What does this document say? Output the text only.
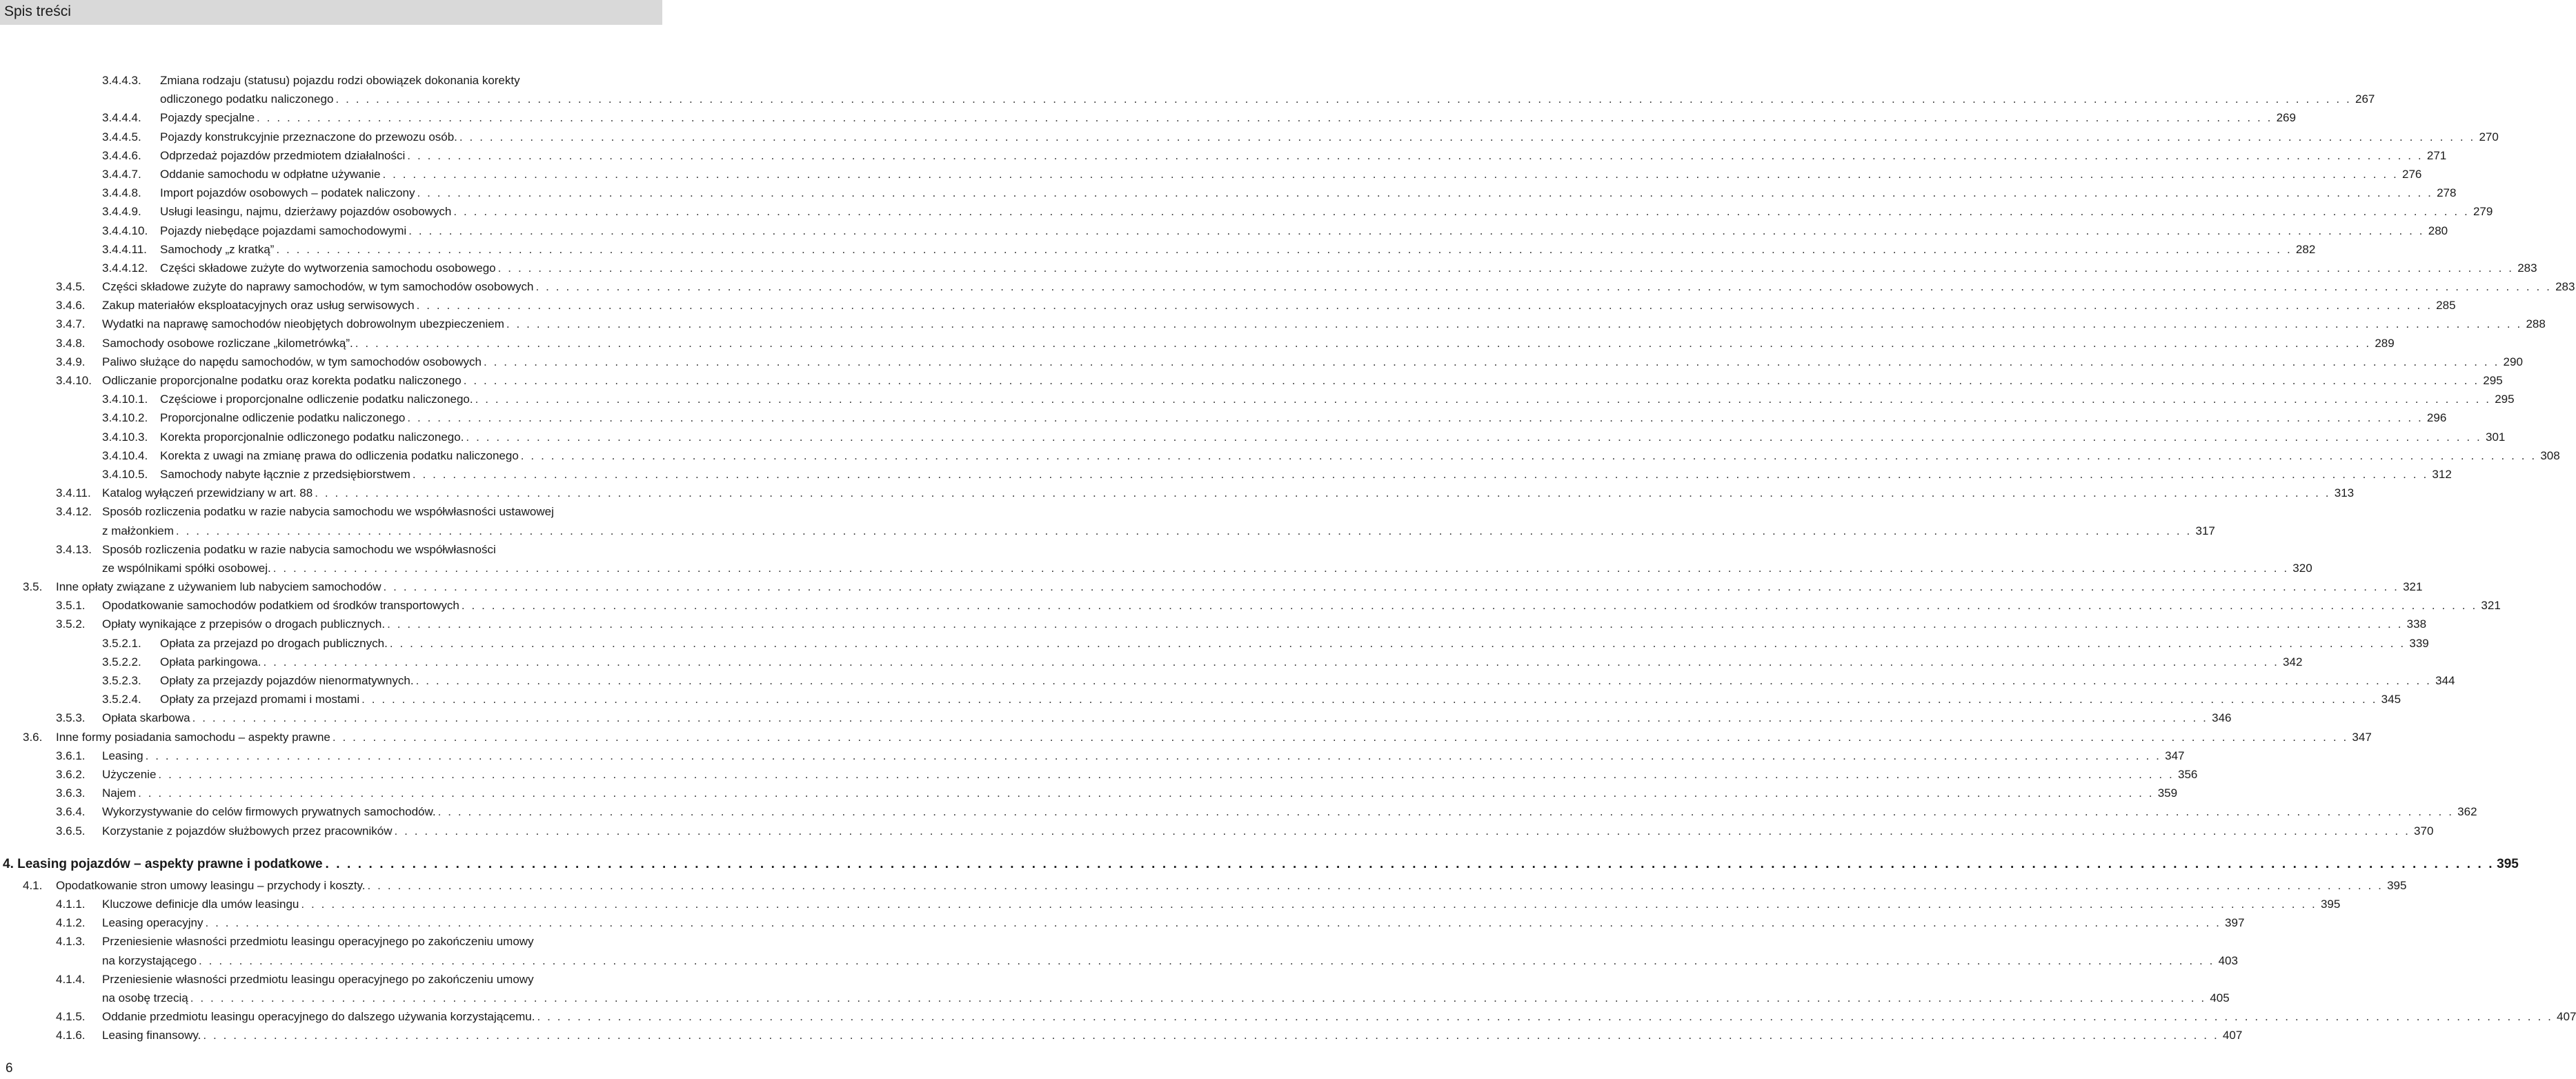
Spis treści
3.4.4.3. Zmiana rodzaju (statusu) pojazdu rodzi obowiązek dokonania korekty
odliczonego podatku naliczonego . . . . . . . . . . . . . . . . . . . . . . . . . . . . . . . . . . . . . . . . . . . . . . . . . . . . . . . . . . . . . . . . . . . . . . . . . . . . . . . . . . . . . . . . . . . . . . . . . . . . . . . . . . . . . . . . . . . . . . . . . . . . . . . . . . . . . . . . . . . . . . . . . . . . . . . . . . . . . . . . . . . . . . . . . . . . . . . . . . . . . . . . . . . . . . . . . . . . . . . . 267
3.4.4.4. Pojazdy specjalne . . . . . . . . . . . . . . . . . . . . . . . . . . . . . . . . . . . . . . . . . . . . . . . . . . . . . . . . . . . . . . . . . . . . . . . . . . . . . . . . . . . . . . . . . . . . . . . . . . . . . . . . . . . . . . . . . . . . . . . . . . . . . . . . . . . . . . . . . . . . . . . . . . . . . . . . . . . . . . . . . . . . . . . . . . . . . . . . . . . . . . . . . . . . . . . . . . . . . . . . 269
3.4.4.5. Pojazdy konstrukcyjnie przeznaczone do przewozu osób. . . . . . . . . . . . . . . . . . . . . . . . . . . . . . . . . . . . . . . . . . . . . . . . . . . . . . . . . . . . . . . . . . . . . . . . . . . . . . . . . . . . . . . . . . . . . . . . . . . . . . . . . . . . . . . . . . . . . . . . . . . . . . . . . . . . . . . . . . . . . . . . . . . . . . . . . . . . . . . . . . . . . . . . . . . . . . . . . . . . . . . . . . . . . . . . . . . . . . . . . 270
3.4.4.6. Odprzedaż pojazdów przedmiotem działalności . . . . . . . . . . . . . . . . . . . . . . . . . . . . . . . . . . . . . . . . . . . . . . . . . . . . . . . . . . . . . . . . . . . . . . . . . . . . . . . . . . . . . . . . . . . . . . . . . . . . . . . . . . . . . . . . . . . . . . . . . . . . . . . . . . . . . . . . . . . . . . . . . . . . . . . . . . . . . . . . . . . . . . . . . . . . . . . . . . . . . . . . . . . . . . . . . . . . . . . . 271
3.4.4.7. Oddanie samochodu w odpłatne używanie . . . . . . . . . . . . . . . . . . . . . . . . . . . . . . . . . . . . . . . . . . . . . . . . . . . . . . . . . . . . . . . . . . . . . . . . . . . . . . . . . . . . . . . . . . . . . . . . . . . . . . . . . . . . . . . . . . . . . . . . . . . . . . . . . . . . . . . . . . . . . . . . . . . . . . . . . . . . . . . . . . . . . . . . . . . . . . . . . . . . . . . . . . . . . . . . . . . . . . . . 276
3.4.4.8. Import pojazdów osobowych – podatek naliczony . . . . . . . . . . . . . . . . . . . . . . . . . . . . . . . . . . . . . . . . . . . . . . . . . . . . . . . . . . . . . . . . . . . . . . . . . . . . . . . . . . . . . . . . . . . . . . . . . . . . . . . . . . . . . . . . . . . . . . . . . . . . . . . . . . . . . . . . . . . . . . . . . . . . . . . . . . . . . . . . . . . . . . . . . . . . . . . . . . . . . . . . . . . . . . . . . . . . . . . . 278
3.4.4.9. Usługi leasingu, najmu, dzierżawy pojazdów osobowych . . . . . . . . . . . . . . . . . . . . . . . . . . . . . . . . . . . . . . . . . . . . . . . . . . . . . . . . . . . . . . . . . . . . . . . . . . . . . . . . . . . . . . . . . . . . . . . . . . . . . . . . . . . . . . . . . . . . . . . . . . . . . . . . . . . . . . . . . . . . . . . . . . . . . . . . . . . . . . . . . . . . . . . . . . . . . . . . . . . . . . . . . . . . . . . . . . . . . . . . 279
3.4.4.10. Pojazdy niebędące pojazdami samochodowymi . . . . . . . . . . . . . . . . . . . . . . . . . . . . . . . . . . . . . . . . . . . . . . . . . . . . . . . . . . . . . . . . . . . . . . . . . . . . . . . . . . . . . . . . . . . . . . . . . . . . . . . . . . . . . . . . . . . . . . . . . . . . . . . . . . . . . . . . . . . . . . . . . . . . . . . . . . . . . . . . . . . . . . . . . . . . . . . . . . . . . . . . . . . . . . . . . . . . . . . . 280
3.4.4.11. Samochody „z kratką” . . . . . . . . . . . . . . . . . . . . . . . . . . . . . . . . . . . . . . . . . . . . . . . . . . . . . . . . . . . . . . . . . . . . . . . . . . . . . . . . . . . . . . . . . . . . . . . . . . . . . . . . . . . . . . . . . . . . . . . . . . . . . . . . . . . . . . . . . . . . . . . . . . . . . . . . . . . . . . . . . . . . . . . . . . . . . . . . . . . . . . . . . . . . . . . . . . . . . . . . 282
3.4.4.12. Części składowe zużyte do wytworzenia samochodu osobowego . . . . . . . . . . . . . . . . . . . . . . . . . . . . . . . . . . . . . . . . . . . . . . . . . . . . . . . . . . . . . . . . . . . . . . . . . . . . . . . . . . . . . . . . . . . . . . . . . . . . . . . . . . . . . . . . . . . . . . . . . . . . . . . . . . . . . . . . . . . . . . . . . . . . . . . . . . . . . . . . . . . . . . . . . . . . . . . . . . . . . . . . . . . . . . . . . . . . . . . . 283
3.4.5. Części składowe zużyte do naprawy samochodów, w tym samochodów osobowych . . . . . . . . . . . . . . . . . . . . . . . . . . . . . . . . . . . . . . . . . . . . . . . . . . . . . . . . . . . . . . . . . . . . . . . . . . . . . . . . . . . . . . . . . . . . . . . . . . . . . . . . . . . . . . . . . . . . . . . . . . . . . . . . . . . . . . . . . . . . . . . . . . . . . . . . . . . . . . . . . . . . . . . . . . . . . . . . . . . . . . . . . . . . . . . . . . . . . . . . 283
3.4.6. Zakup materiałów eksploatacyjnych oraz usług serwisowych . . . . . . . . . . . . . . . . . . . . . . . . . . . . . . . . . . . . . . . . . . . . . . . . . . . . . . . . . . . . . . . . . . . . . . . . . . . . . . . . . . . . . . . . . . . . . . . . . . . . . . . . . . . . . . . . . . . . . . . . . . . . . . . . . . . . . . . . . . . . . . . . . . . . . . . . . . . . . . . . . . . . . . . . . . . . . . . . . . . . . . . . . . . . . . . . . . . . . . . . 285
3.4.7. Wydatki na naprawę samochodów nieobjętych dobrowolnym ubezpieczeniem . . . . . . . . . . . . . . . . . . . . . . . . . . . . . . . . . . . . . . . . . . . . . . . . . . . . . . . . . . . . . . . . . . . . . . . . . . . . . . . . . . . . . . . . . . . . . . . . . . . . . . . . . . . . . . . . . . . . . . . . . . . . . . . . . . . . . . . . . . . . . . . . . . . . . . . . . . . . . . . . . . . . . . . . . . . . . . . . . . . . . . . . . . . . . . . . . . . . . . . . 288
3.4.8. Samochody osobowe rozliczane „kilometrówką”. . . . . . . . . . . . . . . . . . . . . . . . . . . . . . . . . . . . . . . . . . . . . . . . . . . . . . . . . . . . . . . . . . . . . . . . . . . . . . . . . . . . . . . . . . . . . . . . . . . . . . . . . . . . . . . . . . . . . . . . . . . . . . . . . . . . . . . . . . . . . . . . . . . . . . . . . . . . . . . . . . . . . . . . . . . . . . . . . . . . . . . . . . . . . . . . . . . . . . . . . 289
3.4.9. Paliwo służące do napędu samochodów, w tym samochodów osobowych . . . . . . . . . . . . . . . . . . . . . . . . . . . . . . . . . . . . . . . . . . . . . . . . . . . . . . . . . . . . . . . . . . . . . . . . . . . . . . . . . . . . . . . . . . . . . . . . . . . . . . . . . . . . . . . . . . . . . . . . . . . . . . . . . . . . . . . . . . . . . . . . . . . . . . . . . . . . . . . . . . . . . . . . . . . . . . . . . . . . . . . . . . . . . . . . . . . . . . . . 290
3.4.10. Odliczanie proporcjonalne podatku oraz korekta podatku naliczonego . . . . . . . . . . . . . . . . . . . . . . . . . . . . . . . . . . . . . . . . . . . . . . . . . . . . . . . . . . . . . . . . . . . . . . . . . . . . . . . . . . . . . . . . . . . . . . . . . . . . . . . . . . . . . . . . . . . . . . . . . . . . . . . . . . . . . . . . . . . . . . . . . . . . . . . . . . . . . . . . . . . . . . . . . . . . . . . . . . . . . . . . . . . . . . . . . . . . . . . . 295
3.4.10.1. Częściowe i proporcjonalne odliczenie podatku naliczonego. . . . . . . . . . . . . . . . . . . . . . . . . . . . . . . . . . . . . . . . . . . . . . . . . . . . . . . . . . . . . . . . . . . . . . . . . . . . . . . . . . . . . . . . . . . . . . . . . . . . . . . . . . . . . . . . . . . . . . . . . . . . . . . . . . . . . . . . . . . . . . . . . . . . . . . . . . . . . . . . . . . . . . . . . . . . . . . . . . . . . . . . . . . . . . . . . . . . . . . . . 295
3.4.10.2. Proporcjonalne odliczenie podatku naliczonego . . . . . . . . . . . . . . . . . . . . . . . . . . . . . . . . . . . . . . . . . . . . . . . . . . . . . . . . . . . . . . . . . . . . . . . . . . . . . . . . . . . . . . . . . . . . . . . . . . . . . . . . . . . . . . . . . . . . . . . . . . . . . . . . . . . . . . . . . . . . . . . . . . . . . . . . . . . . . . . . . . . . . . . . . . . . . . . . . . . . . . . . . . . . . . . . . . . . . . . . 296
3.4.10.3. Korekta proporcjonalnie odliczonego podatku naliczonego. . . . . . . . . . . . . . . . . . . . . . . . . . . . . . . . . . . . . . . . . . . . . . . . . . . . . . . . . . . . . . . . . . . . . . . . . . . . . . . . . . . . . . . . . . . . . . . . . . . . . . . . . . . . . . . . . . . . . . . . . . . . . . . . . . . . . . . . . . . . . . . . . . . . . . . . . . . . . . . . . . . . . . . . . . . . . . . . . . . . . . . . . . . . . . . . . . . . . . . . . 301
3.4.10.4. Korekta z uwagi na zmianę prawa do odliczenia podatku naliczonego . . . . . . . . . . . . . . . . . . . . . . . . . . . . . . . . . . . . . . . . . . . . . . . . . . . . . . . . . . . . . . . . . . . . . . . . . . . . . . . . . . . . . . . . . . . . . . . . . . . . . . . . . . . . . . . . . . . . . . . . . . . . . . . . . . . . . . . . . . . . . . . . . . . . . . . . . . . . . . . . . . . . . . . . . . . . . . . . . . . . . . . . . . . . . . . . . . . . . . . . 308
3.4.10.5. Samochody nabyte łącznie z przedsiębiorstwem . . . . . . . . . . . . . . . . . . . . . . . . . . . . . . . . . . . . . . . . . . . . . . . . . . . . . . . . . . . . . . . . . . . . . . . . . . . . . . . . . . . . . . . . . . . . . . . . . . . . . . . . . . . . . . . . . . . . . . . . . . . . . . . . . . . . . . . . . . . . . . . . . . . . . . . . . . . . . . . . . . . . . . . . . . . . . . . . . . . . . . . . . . . . . . . . . . . . . . . . 312
3.4.11. Katalog wyłączeń przewidziany w art. 88 . . . . . . . . . . . . . . . . . . . . . . . . . . . . . . . . . . . . . . . . . . . . . . . . . . . . . . . . . . . . . . . . . . . . . . . . . . . . . . . . . . . . . . . . . . . . . . . . . . . . . . . . . . . . . . . . . . . . . . . . . . . . . . . . . . . . . . . . . . . . . . . . . . . . . . . . . . . . . . . . . . . . . . . . . . . . . . . . . . . . . . . . . . . . . . . . . . . . . . . . 313
3.4.12. Sposób rozliczenia podatku w razie nabycia samochodu we współwłasności ustawowej
z małżonkiem . . . . . . . . . . . . . . . . . . . . . . . . . . . . . . . . . . . . . . . . . . . . . . . . . . . . . . . . . . . . . . . . . . . . . . . . . . . . . . . . . . . . . . . . . . . . . . . . . . . . . . . . . . . . . . . . . . . . . . . . . . . . . . . . . . . . . . . . . . . . . . . . . . . . . . . . . . . . . . . . . . . . . . . . . . . . . . . . . . . . . . . . . . . . . . . . . . . . . . . . 317
3.4.13. Sposób rozliczenia podatku w razie nabycia samochodu we współwłasności
ze wspólnikami spółki osobowej. . . . . . . . . . . . . . . . . . . . . . . . . . . . . . . . . . . . . . . . . . . . . . . . . . . . . . . . . . . . . . . . . . . . . . . . . . . . . . . . . . . . . . . . . . . . . . . . . . . . . . . . . . . . . . . . . . . . . . . . . . . . . . . . . . . . . . . . . . . . . . . . . . . . . . . . . . . . . . . . . . . . . . . . . . . . . . . . . . . . . . . . . . . . . . . . . . . . . . . . . 320
3.5. Inne opłaty związane z używaniem lub nabyciem samochodów . . . . . . . . . . . . . . . . . . . . . . . . . . . . . . . . . . . . . . . . . . . . . . . . . . . . . . . . . . . . . . . . . . . . . . . . . . . . . . . . . . . . . . . . . . . . . . . . . . . . . . . . . . . . . . . . . . . . . . . . . . . . . . . . . . . . . . . . . . . . . . . . . . . . . . . . . . . . . . . . . . . . . . . . . . . . . . . . . . . . . . . . . . . . . . . . . . . . . . . . 321
3.5.1. Opodatkowanie samochodów podatkiem od środków transportowych . . . . . . . . . . . . . . . . . . . . . . . . . . . . . . . . . . . . . . . . . . . . . . . . . . . . . . . . . . . . . . . . . . . . . . . . . . . . . . . . . . . . . . . . . . . . . . . . . . . . . . . . . . . . . . . . . . . . . . . . . . . . . . . . . . . . . . . . . . . . . . . . . . . . . . . . . . . . . . . . . . . . . . . . . . . . . . . . . . . . . . . . . . . . . . . . . . . . . . . . 321
3.5.2. Opłaty wynikające z przepisów o drogach publicznych. . . . . . . . . . . . . . . . . . . . . . . . . . . . . . . . . . . . . . . . . . . . . . . . . . . . . . . . . . . . . . . . . . . . . . . . . . . . . . . . . . . . . . . . . . . . . . . . . . . . . . . . . . . . . . . . . . . . . . . . . . . . . . . . . . . . . . . . . . . . . . . . . . . . . . . . . . . . . . . . . . . . . . . . . . . . . . . . . . . . . . . . . . . . . . . . . . . . . . . . . 338
3.5.2.1. Opłata za przejazd po drogach publicznych. . . . . . . . . . . . . . . . . . . . . . . . . . . . . . . . . . . . . . . . . . . . . . . . . . . . . . . . . . . . . . . . . . . . . . . . . . . . . . . . . . . . . . . . . . . . . . . . . . . . . . . . . . . . . . . . . . . . . . . . . . . . . . . . . . . . . . . . . . . . . . . . . . . . . . . . . . . . . . . . . . . . . . . . . . . . . . . . . . . . . . . . . . . . . . . . . . . . . . . . . 339
3.5.2.2. Opłata parkingowa. . . . . . . . . . . . . . . . . . . . . . . . . . . . . . . . . . . . . . . . . . . . . . . . . . . . . . . . . . . . . . . . . . . . . . . . . . . . . . . . . . . . . . . . . . . . . . . . . . . . . . . . . . . . . . . . . . . . . . . . . . . . . . . . . . . . . . . . . . . . . . . . . . . . . . . . . . . . . . . . . . . . . . . . . . . . . . . . . . . . . . . . . . . . . . . . . . . . . . . . . 342
3.5.2.3. Opłaty za przejazdy pojazdów nienormatywnych. . . . . . . . . . . . . . . . . . . . . . . . . . . . . . . . . . . . . . . . . . . . . . . . . . . . . . . . . . . . . . . . . . . . . . . . . . . . . . . . . . . . . . . . . . . . . . . . . . . . . . . . . . . . . . . . . . . . . . . . . . . . . . . . . . . . . . . . . . . . . . . . . . . . . . . . . . . . . . . . . . . . . . . . . . . . . . . . . . . . . . . . . . . . . . . . . . . . . . . . . 344
3.5.2.4. Opłaty za przejazd promami i mostami . . . . . . . . . . . . . . . . . . . . . . . . . . . . . . . . . . . . . . . . . . . . . . . . . . . . . . . . . . . . . . . . . . . . . . . . . . . . . . . . . . . . . . . . . . . . . . . . . . . . . . . . . . . . . . . . . . . . . . . . . . . . . . . . . . . . . . . . . . . . . . . . . . . . . . . . . . . . . . . . . . . . . . . . . . . . . . . . . . . . . . . . . . . . . . . . . . . . . . . . 345
3.5.3. Opłata skarbowa . . . . . . . . . . . . . . . . . . . . . . . . . . . . . . . . . . . . . . . . . . . . . . . . . . . . . . . . . . . . . . . . . . . . . . . . . . . . . . . . . . . . . . . . . . . . . . . . . . . . . . . . . . . . . . . . . . . . . . . . . . . . . . . . . . . . . . . . . . . . . . . . . . . . . . . . . . . . . . . . . . . . . . . . . . . . . . . . . . . . . . . . . . . . . . . . . . . . . . . . 346
3.6. Inne formy posiadania samochodu – aspekty prawne . . . . . . . . . . . . . . . . . . . . . . . . . . . . . . . . . . . . . . . . . . . . . . . . . . . . . . . . . . . . . . . . . . . . . . . . . . . . . . . . . . . . . . . . . . . . . . . . . . . . . . . . . . . . . . . . . . . . . . . . . . . . . . . . . . . . . . . . . . . . . . . . . . . . . . . . . . . . . . . . . . . . . . . . . . . . . . . . . . . . . . . . . . . . . . . . . . . . . . . . 347
3.6.1. Leasing . . . . . . . . . . . . . . . . . . . . . . . . . . . . . . . . . . . . . . . . . . . . . . . . . . . . . . . . . . . . . . . . . . . . . . . . . . . . . . . . . . . . . . . . . . . . . . . . . . . . . . . . . . . . . . . . . . . . . . . . . . . . . . . . . . . . . . . . . . . . . . . . . . . . . . . . . . . . . . . . . . . . . . . . . . . . . . . . . . . . . . . . . . . . . . . . . . . . . . . . 347
3.6.2. Użyczenie . . . . . . . . . . . . . . . . . . . . . . . . . . . . . . . . . . . . . . . . . . . . . . . . . . . . . . . . . . . . . . . . . . . . . . . . . . . . . . . . . . . . . . . . . . . . . . . . . . . . . . . . . . . . . . . . . . . . . . . . . . . . . . . . . . . . . . . . . . . . . . . . . . . . . . . . . . . . . . . . . . . . . . . . . . . . . . . . . . . . . . . . . . . . . . . . . . . . . . . . 356
3.6.3. Najem . . . . . . . . . . . . . . . . . . . . . . . . . . . . . . . . . . . . . . . . . . . . . . . . . . . . . . . . . . . . . . . . . . . . . . . . . . . . . . . . . . . . . . . . . . . . . . . . . . . . . . . . . . . . . . . . . . . . . . . . . . . . . . . . . . . . . . . . . . . . . . . . . . . . . . . . . . . . . . . . . . . . . . . . . . . . . . . . . . . . . . . . . . . . . . . . . . . . . . . . 359
3.6.4. Wykorzystywanie do celów firmowych prywatnych samochodów. . . . . . . . . . . . . . . . . . . . . . . . . . . . . . . . . . . . . . . . . . . . . . . . . . . . . . . . . . . . . . . . . . . . . . . . . . . . . . . . . . . . . . . . . . . . . . . . . . . . . . . . . . . . . . . . . . . . . . . . . . . . . . . . . . . . . . . . . . . . . . . . . . . . . . . . . . . . . . . . . . . . . . . . . . . . . . . . . . . . . . . . . . . . . . . . . . . . . . . . . 362
3.6.5. Korzystanie z pojazdów służbowych przez pracowników . . . . . . . . . . . . . . . . . . . . . . . . . . . . . . . . . . . . . . . . . . . . . . . . . . . . . . . . . . . . . . . . . . . . . . . . . . . . . . . . . . . . . . . . . . . . . . . . . . . . . . . . . . . . . . . . . . . . . . . . . . . . . . . . . . . . . . . . . . . . . . . . . . . . . . . . . . . . . . . . . . . . . . . . . . . . . . . . . . . . . . . . . . . . . . . . . . . . . . . . 370
4. Leasing pojazdów – aspekty prawne i podatkowe . . . . . . . . . . . . . . . . . . . . . . . . . . . . . . . . . . . . . . . . . . . . . . . . . . . . . . . . . . . . . . . . . . . . . . . . . . . . . . . . . . . . . . . . . . . . . . . . . . . . . . . . . . . . . . . . . . . . . . . . . . . . . . . . . . . . . . . . . . . . . . . . . . . . . . . . . . . . . . . . . . . . . . . . . . . . . . . . . . . . . . . . . . . . . . . . . . . . . . . . 395
4.1. Opodatkowanie stron umowy leasingu – przychody i koszty. . . . . . . . . . . . . . . . . . . . . . . . . . . . . . . . . . . . . . . . . . . . . . . . . . . . . . . . . . . . . . . . . . . . . . . . . . . . . . . . . . . . . . . . . . . . . . . . . . . . . . . . . . . . . . . . . . . . . . . . . . . . . . . . . . . . . . . . . . . . . . . . . . . . . . . . . . . . . . . . . . . . . . . . . . . . . . . . . . . . . . . . . . . . . . . . . . . . . . . . . 395
4.1.1. Kluczowe definicje dla umów leasingu . . . . . . . . . . . . . . . . . . . . . . . . . . . . . . . . . . . . . . . . . . . . . . . . . . . . . . . . . . . . . . . . . . . . . . . . . . . . . . . . . . . . . . . . . . . . . . . . . . . . . . . . . . . . . . . . . . . . . . . . . . . . . . . . . . . . . . . . . . . . . . . . . . . . . . . . . . . . . . . . . . . . . . . . . . . . . . . . . . . . . . . . . . . . . . . . . . . . . . . . 395
4.1.2. Leasing operacyjny . . . . . . . . . . . . . . . . . . . . . . . . . . . . . . . . . . . . . . . . . . . . . . . . . . . . . . . . . . . . . . . . . . . . . . . . . . . . . . . . . . . . . . . . . . . . . . . . . . . . . . . . . . . . . . . . . . . . . . . . . . . . . . . . . . . . . . . . . . . . . . . . . . . . . . . . . . . . . . . . . . . . . . . . . . . . . . . . . . . . . . . . . . . . . . . . . . . . . . . . 397
4.1.3. Przeniesienie własności przedmiotu leasingu operacyjnego po zakończeniu umowy
na korzystającego . . . . . . . . . . . . . . . . . . . . . . . . . . . . . . . . . . . . . . . . . . . . . . . . . . . . . . . . . . . . . . . . . . . . . . . . . . . . . . . . . . . . . . . . . . . . . . . . . . . . . . . . . . . . . . . . . . . . . . . . . . . . . . . . . . . . . . . . . . . . . . . . . . . . . . . . . . . . . . . . . . . . . . . . . . . . . . . . . . . . . . . . . . . . . . . . . . . . . . . . 403
4.1.4. Przeniesienie własności przedmiotu leasingu operacyjnego po zakończeniu umowy
na osobę trzecią . . . . . . . . . . . . . . . . . . . . . . . . . . . . . . . . . . . . . . . . . . . . . . . . . . . . . . . . . . . . . . . . . . . . . . . . . . . . . . . . . . . . . . . . . . . . . . . . . . . . . . . . . . . . . . . . . . . . . . . . . . . . . . . . . . . . . . . . . . . . . . . . . . . . . . . . . . . . . . . . . . . . . . . . . . . . . . . . . . . . . . . . . . . . . . . . . . . . . . . . 405
4.1.5. Oddanie przedmiotu leasingu operacyjnego do dalszego używania korzystającemu. . . . . . . . . . . . . . . . . . . . . . . . . . . . . . . . . . . . . . . . . . . . . . . . . . . . . . . . . . . . . . . . . . . . . . . . . . . . . . . . . . . . . . . . . . . . . . . . . . . . . . . . . . . . . . . . . . . . . . . . . . . . . . . . . . . . . . . . . . . . . . . . . . . . . . . . . . . . . . . . . . . . . . . . . . . . . . . . . . . . . . . . . . . . . . . . . . . . . . . . . 407
4.1.6. Leasing finansowy. . . . . . . . . . . . . . . . . . . . . . . . . . . . . . . . . . . . . . . . . . . . . . . . . . . . . . . . . . . . . . . . . . . . . . . . . . . . . . . . . . . . . . . . . . . . . . . . . . . . . . . . . . . . . . . . . . . . . . . . . . . . . . . . . . . . . . . . . . . . . . . . . . . . . . . . . . . . . . . . . . . . . . . . . . . . . . . . . . . . . . . . . . . . . . . . . . . . . . . . . 407
6
